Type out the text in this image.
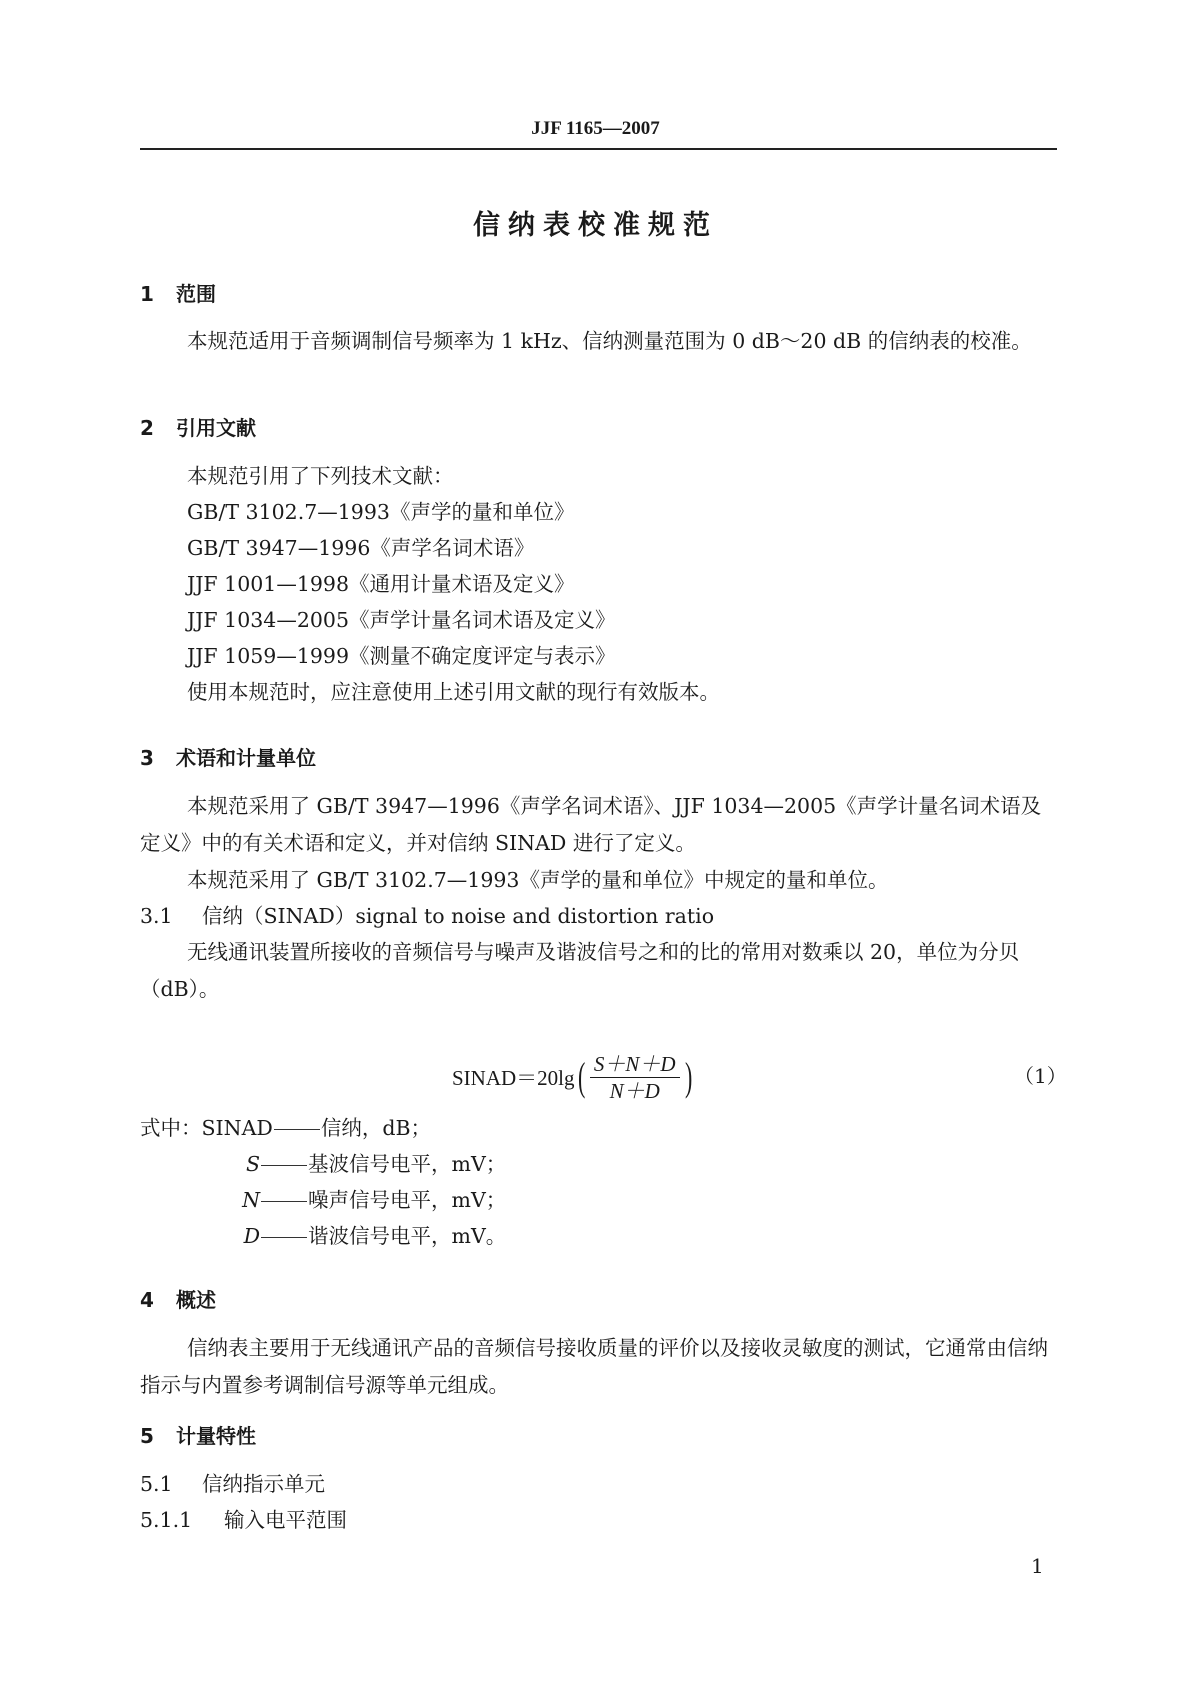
JJF 1165—2007
信纳表校准规范
1 范围
本规范适用于音频调制信号频率为 1 kHz、信纳测量范围为 0 dB～20 dB 的信纳表的校准。
2 引用文献
本规范引用了下列技术文献：
GB/T 3102.7—1993《声学的量和单位》
GB/T 3947—1996《声学名词术语》
JJF 1001—1998《通用计量术语及定义》
JJF 1034—2005《声学计量名词术语及定义》
JJF 1059—1999《测量不确定度评定与表示》
使用本规范时，应注意使用上述引用文献的现行有效版本。
3 术语和计量单位
本规范采用了 GB/T 3947—1996《声学名词术语》、JJF 1034—2005《声学计量名词术语及定义》中的有关术语和定义，并对信纳 SINAD 进行了定义。
本规范采用了 GB/T 3102.7—1993《声学的量和单位》中规定的量和单位。
3.1 信纳（SINAD）signal to noise and distortion ratio
无线通讯装置所接收的音频信号与噪声及谐波信号之和的比的常用对数乘以 20，单位为分贝（dB）。
SINAD＝20lg ( $\frac{S+N+D}{N+D}$ )	（1）
式中：SINAD 信纳，dB；
S 基波信号电平，mV；
N 噪声信号电平，mV；
D 谐波信号电平，mV。
4 概述
信纳表主要用于无线通讯产品的音频信号接收质量的评价以及接收灵敏度的测试，它通常由信纳指示与内置参考调制信号源等单元组成。
5 计量特性
5.1 信纳指示单元
5.1.1 输入电平范围
1
